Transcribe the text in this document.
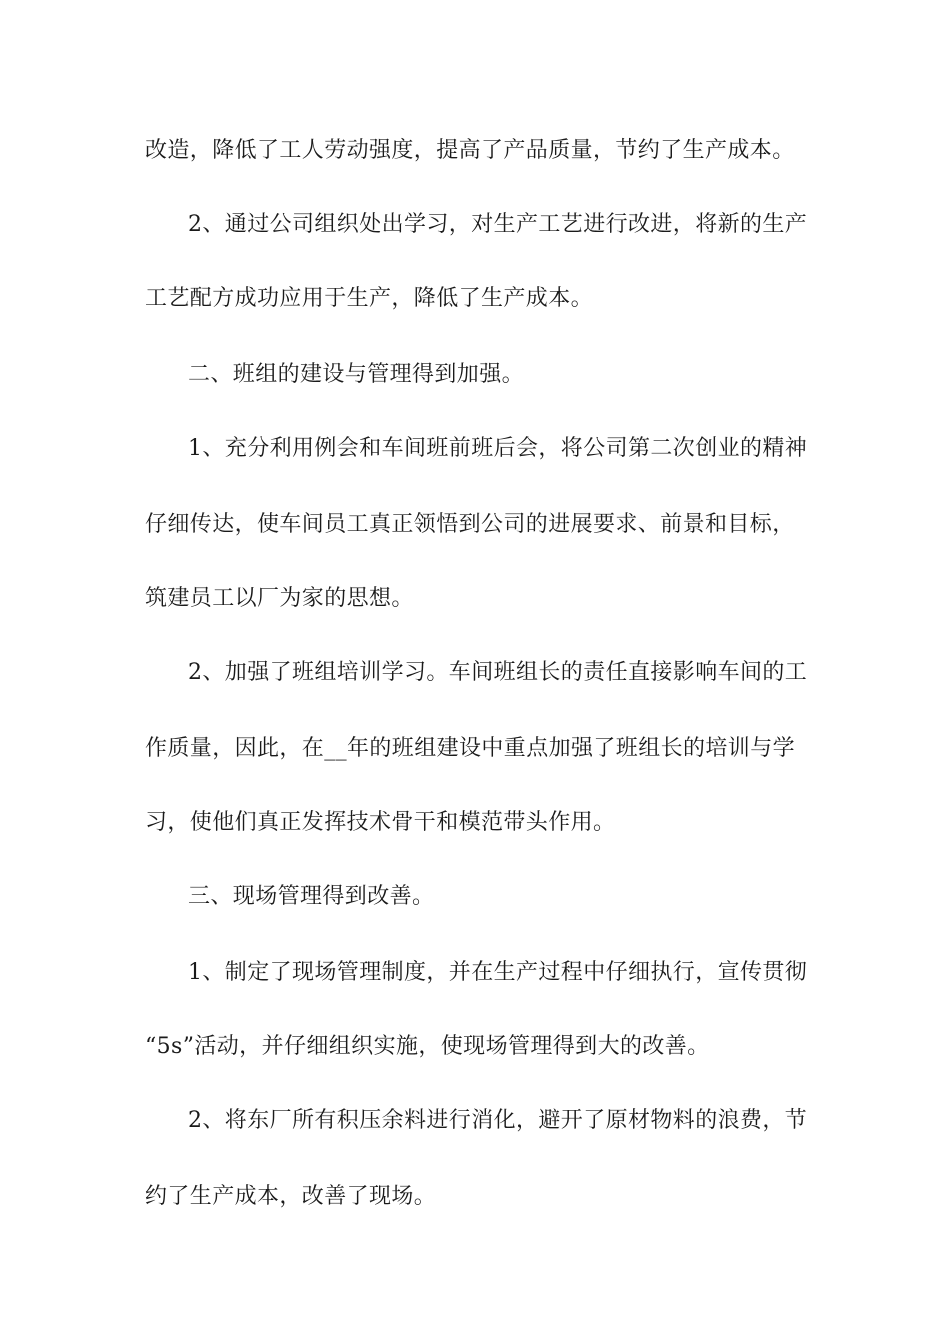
改造，降低了工人劳动强度，提高了产品质量，节约了生产成本。
2、通过公司组织处出学习，对生产工艺进行改进，将新的生产
工艺配方成功应用于生产，降低了生产成本。
二、班组的建设与管理得到加强。
1、充分利用例会和车间班前班后会，将公司第二次创业的精神
仔细传达，使车间员工真正领悟到公司的进展要求、前景和目标，
筑建员工以厂为家的思想。
2、加强了班组培训学习。车间班组长的责任直接影响车间的工
作质量，因此，在__年的班组建设中重点加强了班组长的培训与学
习，使他们真正发挥技术骨干和模范带头作用。
三、现场管理得到改善。
1、制定了现场管理制度，并在生产过程中仔细执行，宣传贯彻
“5s”活动，并仔细组织实施，使现场管理得到大的改善。
2、将东厂所有积压余料进行消化，避开了原材物料的浪费，节
约了生产成本，改善了现场。
